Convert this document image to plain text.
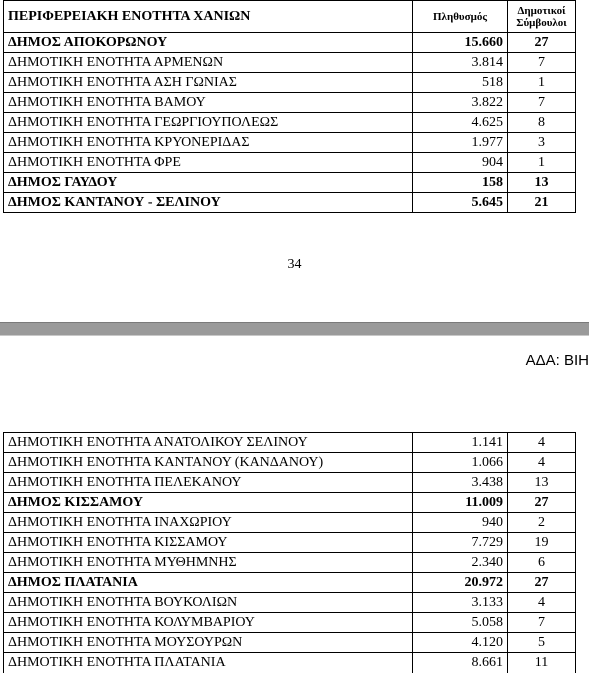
ΠΕΡΙΦΕΡΕΙΑΚΗ ΕΝΟΤΗΤΑ ΧΑΝΙΩΝ	Πληθυσμός	Δημοτικοί
Σύμβουλοι
ΔΗΜΟΣ ΑΠΟΚΟΡΩΝΟΥ	15.660	27
ΔΗΜΟΤΙΚΗ ΕΝΟΤΗΤΑ ΑΡΜΕΝΩΝ	3.814	7
ΔΗΜΟΤΙΚΗ ΕΝΟΤΗΤΑ ΑΣΗ ΓΩΝΙΑΣ	518	1
ΔΗΜΟΤΙΚΗ ΕΝΟΤΗΤΑ ΒΑΜΟΥ	3.822	7
ΔΗΜΟΤΙΚΗ ΕΝΟΤΗΤΑ ΓΕΩΡΓΙΟΥΠΟΛΕΩΣ	4.625	8
ΔΗΜΟΤΙΚΗ ΕΝΟΤΗΤΑ ΚΡΥΟΝΕΡΙΔΑΣ	1.977	3
ΔΗΜΟΤΙΚΗ ΕΝΟΤΗΤΑ ΦΡΕ	904	1
ΔΗΜΟΣ ΓΑΥΔΟΥ	158	13
ΔΗΜΟΣ ΚΑΝΤΑΝΟΥ - ΣΕΛΙΝΟΥ	5.645	21
34
ΑΔΑ: ΒΙΗ
ΔΗΜΟΤΙΚΗ ΕΝΟΤΗΤΑ ΑΝΑΤΟΛΙΚΟΥ ΣΕΛΙΝΟΥ	1.141	4
ΔΗΜΟΤΙΚΗ ΕΝΟΤΗΤΑ ΚΑΝΤΑΝΟΥ (ΚΑΝΔΑΝΟΥ)	1.066	4
ΔΗΜΟΤΙΚΗ ΕΝΟΤΗΤΑ ΠΕΛΕΚΑΝΟΥ	3.438	13
ΔΗΜΟΣ ΚΙΣΣΑΜΟΥ	11.009	27
ΔΗΜΟΤΙΚΗ ΕΝΟΤΗΤΑ ΙΝΑΧΩΡΙΟΥ	940	2
ΔΗΜΟΤΙΚΗ ΕΝΟΤΗΤΑ ΚΙΣΣΑΜΟΥ	7.729	19
ΔΗΜΟΤΙΚΗ ΕΝΟΤΗΤΑ ΜΥΘΗΜΝΗΣ	2.340	6
ΔΗΜΟΣ ΠΛΑΤΑΝΙΑ	20.972	27
ΔΗΜΟΤΙΚΗ ΕΝΟΤΗΤΑ ΒΟΥΚΟΛΙΩΝ	3.133	4
ΔΗΜΟΤΙΚΗ ΕΝΟΤΗΤΑ ΚΟΛΥΜΒΑΡΙΟΥ	5.058	7
ΔΗΜΟΤΙΚΗ ΕΝΟΤΗΤΑ ΜΟΥΣΟΥΡΩΝ	4.120	5
ΔΗΜΟΤΙΚΗ ΕΝΟΤΗΤΑ ΠΛΑΤΑΝΙΑ	8.661	11
